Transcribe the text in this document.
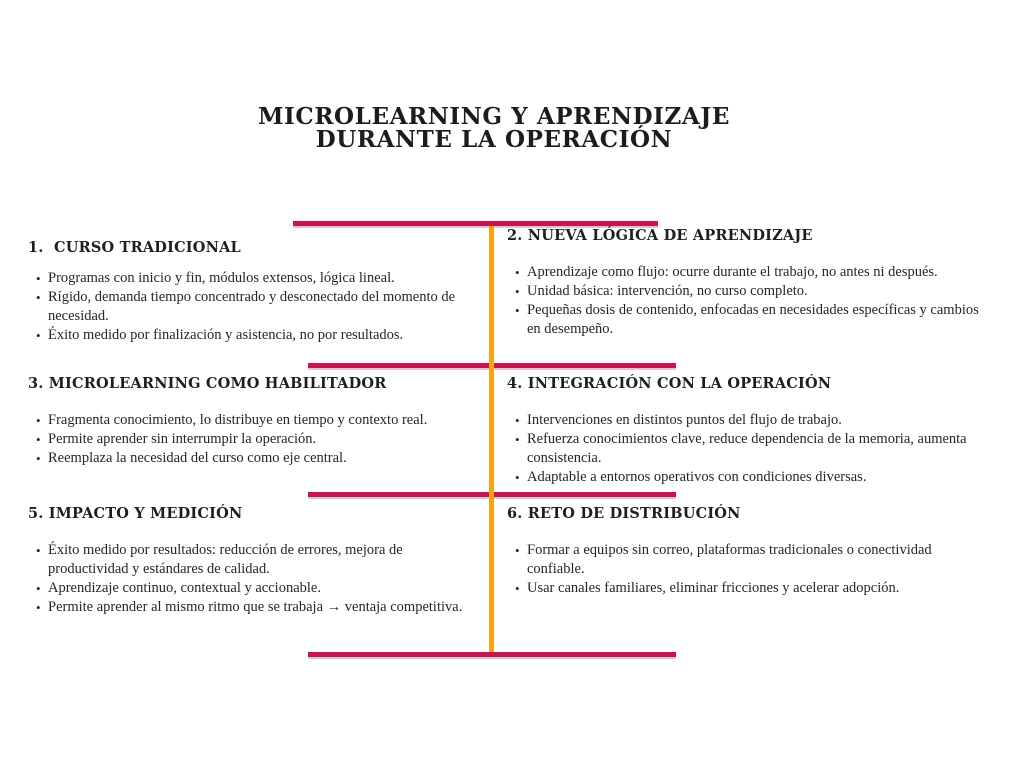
MICROLEARNING Y APRENDIZAJE
DURANTE LA OPERACIÓN
1.  CURSO TRADICIONAL
• Programas con inicio y fin, módulos extensos, lógica lineal.
• Rígido, demanda tiempo concentrado y desconectado del momento de necesidad.
• Éxito medido por finalización y asistencia, no por resultados.
2. NUEVA LÓGICA DE APRENDIZAJE
• Aprendizaje como flujo: ocurre durante el trabajo, no antes ni después.
• Unidad básica: intervención, no curso completo.
• Pequeñas dosis de contenido, enfocadas en necesidades específicas y cambios en desempeño.
3. MICROLEARNING COMO HABILITADOR
• Fragmenta conocimiento, lo distribuye en tiempo y contexto real.
• Permite aprender sin interrumpir la operación.
• Reemplaza la necesidad del curso como eje central.
4. INTEGRACIÓN CON LA OPERACIÓN
• Intervenciones en distintos puntos del flujo de trabajo.
• Refuerza conocimientos clave, reduce dependencia de la memoria, aumenta consistencia.
• Adaptable a entornos operativos con condiciones diversas.
5. IMPACTO Y MEDICIÓN
• Éxito medido por resultados: reducción de errores, mejora de productividad y estándares de calidad.
• Aprendizaje continuo, contextual y accionable.
• Permite aprender al mismo ritmo que se trabaja → ventaja competitiva.
6. RETO DE DISTRIBUCIÓN
• Formar a equipos sin correo, plataformas tradicionales o conectividad confiable.
• Usar canales familiares, eliminar fricciones y acelerar adopción.
